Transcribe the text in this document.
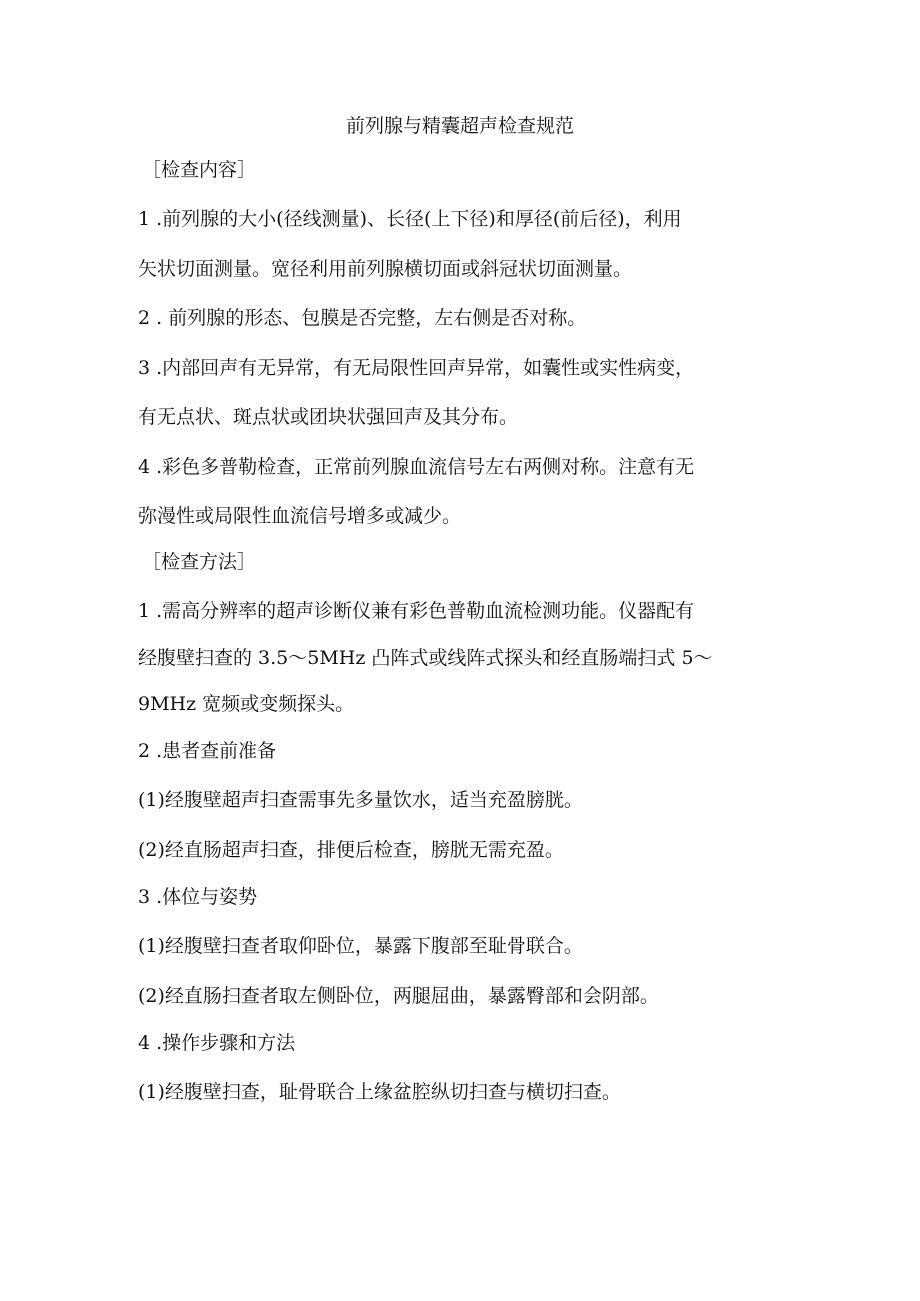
前列腺与精囊超声检查规范
［检查内容］
1 .前列腺的大小(径线测量)、长径(上下径)和厚径(前后径)，利用
矢状切面测量。宽径利用前列腺横切面或斜冠状切面测量。
2 . 前列腺的形态、包膜是否完整，左右侧是否对称。
3 .内部回声有无异常，有无局限性回声异常，如囊性或实性病变，
有无点状、斑点状或团块状强回声及其分布。
4 .彩色多普勒检查，正常前列腺血流信号左右两侧对称。注意有无
弥漫性或局限性血流信号增多或减少。
［检查方法］
1 .需高分辨率的超声诊断仪兼有彩色普勒血流检测功能。仪器配有
经腹壁扫查的 3.5～5MHz 凸阵式或线阵式探头和经直肠端扫式 5～
9MHz 宽频或变频探头。
2 .患者查前准备
(1)经腹壁超声扫查需事先多量饮水，适当充盈膀胱。
(2)经直肠超声扫查，排便后检查，膀胱无需充盈。
3 .体位与姿势
(1)经腹壁扫查者取仰卧位，暴露下腹部至耻骨联合。
(2)经直肠扫查者取左侧卧位，两腿屈曲，暴露臀部和会阴部。
4 .操作步骤和方法
(1)经腹壁扫查，耻骨联合上缘盆腔纵切扫查与横切扫查。
